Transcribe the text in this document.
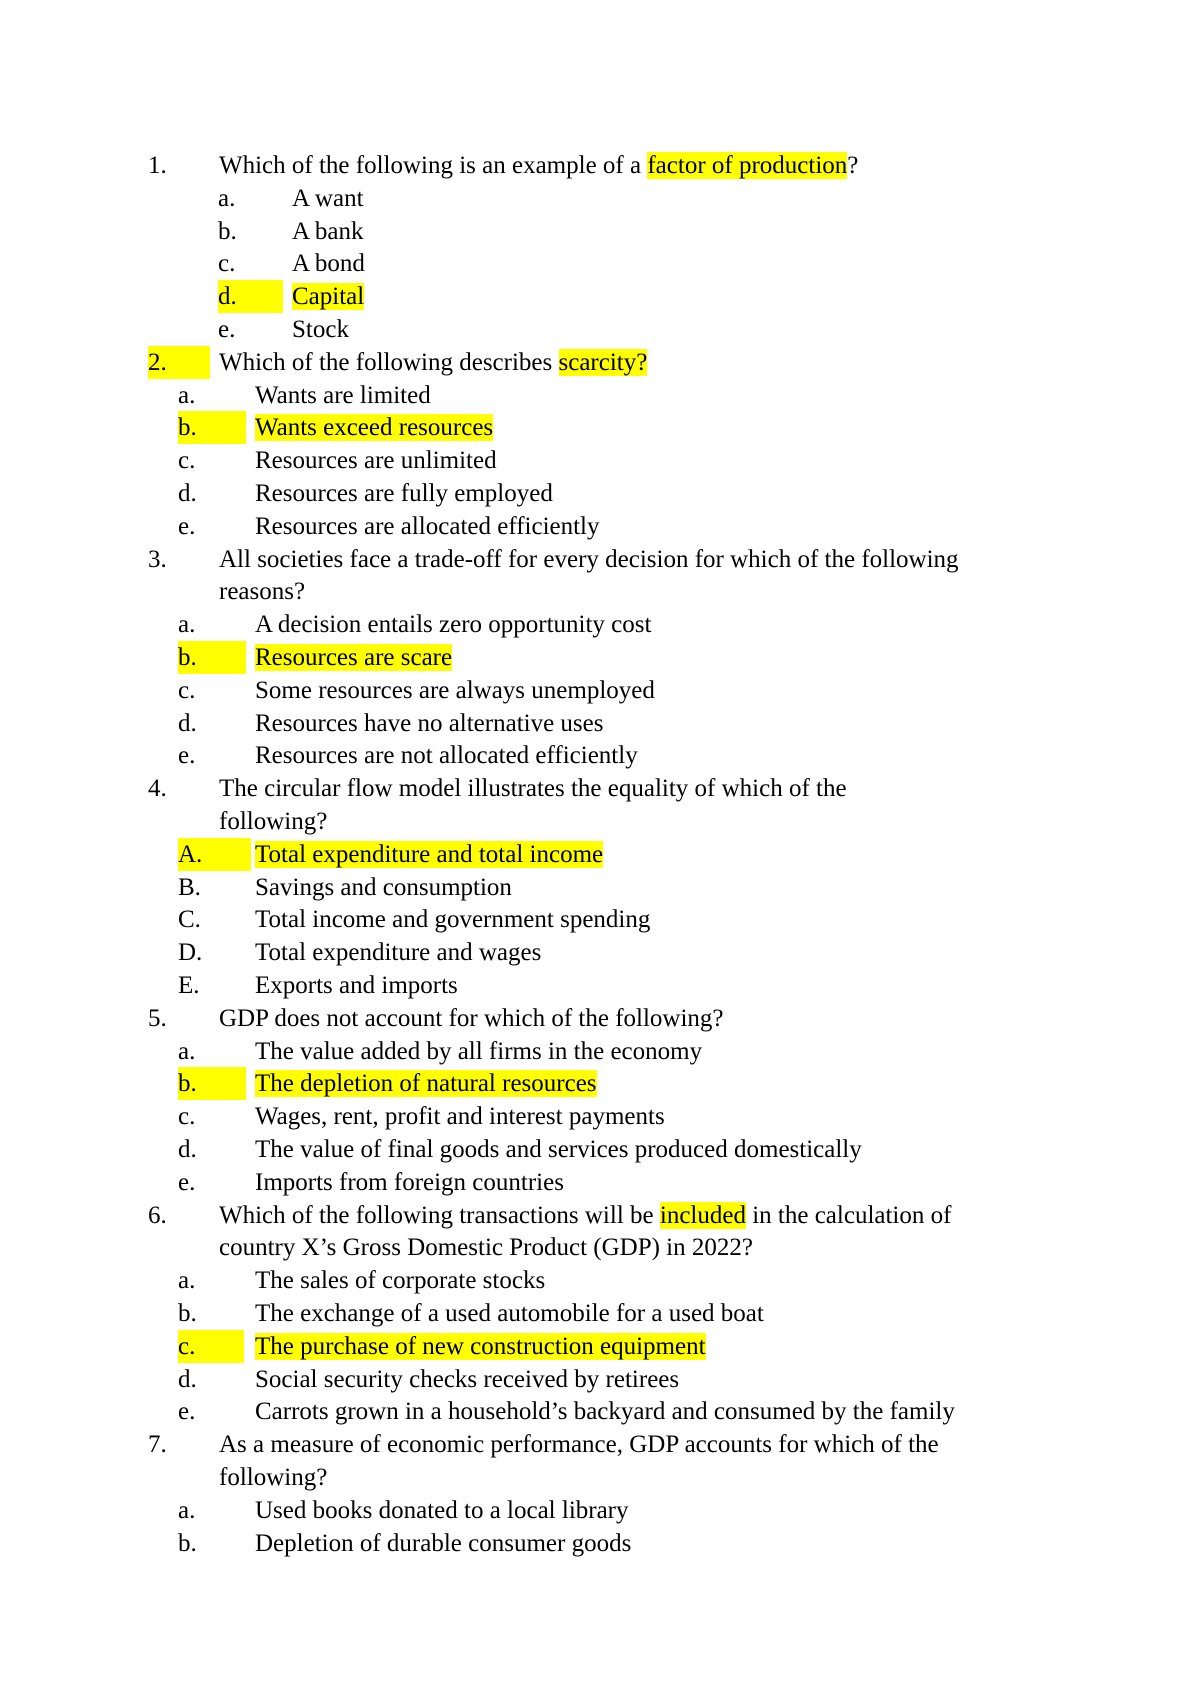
1.	Which of the following is an example of a factor of production?
a.	A want
b.	A bank
c.	A bond
d.	Capital
e.	Stock
2.	Which of the following describes scarcity?
a.	Wants are limited
b.	Wants exceed resources
c.	Resources are unlimited
d.	Resources are fully employed
e.	Resources are allocated efficiently
3.	All societies face a trade-off for every decision for which of the following
reasons?
a.	A decision entails zero opportunity cost
b.	Resources are scare
c.	Some resources are always unemployed
d.	Resources have no alternative uses
e.	Resources are not allocated efficiently
4.	The circular flow model illustrates the equality of which of the
following?
A.	Total expenditure and total income
B.	Savings and consumption
C.	Total income and government spending
D.	Total expenditure and wages
E.	Exports and imports
5.	GDP does not account for which of the following?
a.	The value added by all firms in the economy
b.	The depletion of natural resources
c.	Wages, rent, profit and interest payments
d.	The value of final goods and services produced domestically
e.	Imports from foreign countries
6.	Which of the following transactions will be included in the calculation of
country X’s Gross Domestic Product (GDP) in 2022?
a.	The sales of corporate stocks
b.	The exchange of a used automobile for a used boat
c.	The purchase of new construction equipment
d.	Social security checks received by retirees
e.	Carrots grown in a household’s backyard and consumed by the family
7.	As a measure of economic performance, GDP accounts for which of the
following?
a.	Used books donated to a local library
b.	Depletion of durable consumer goods
